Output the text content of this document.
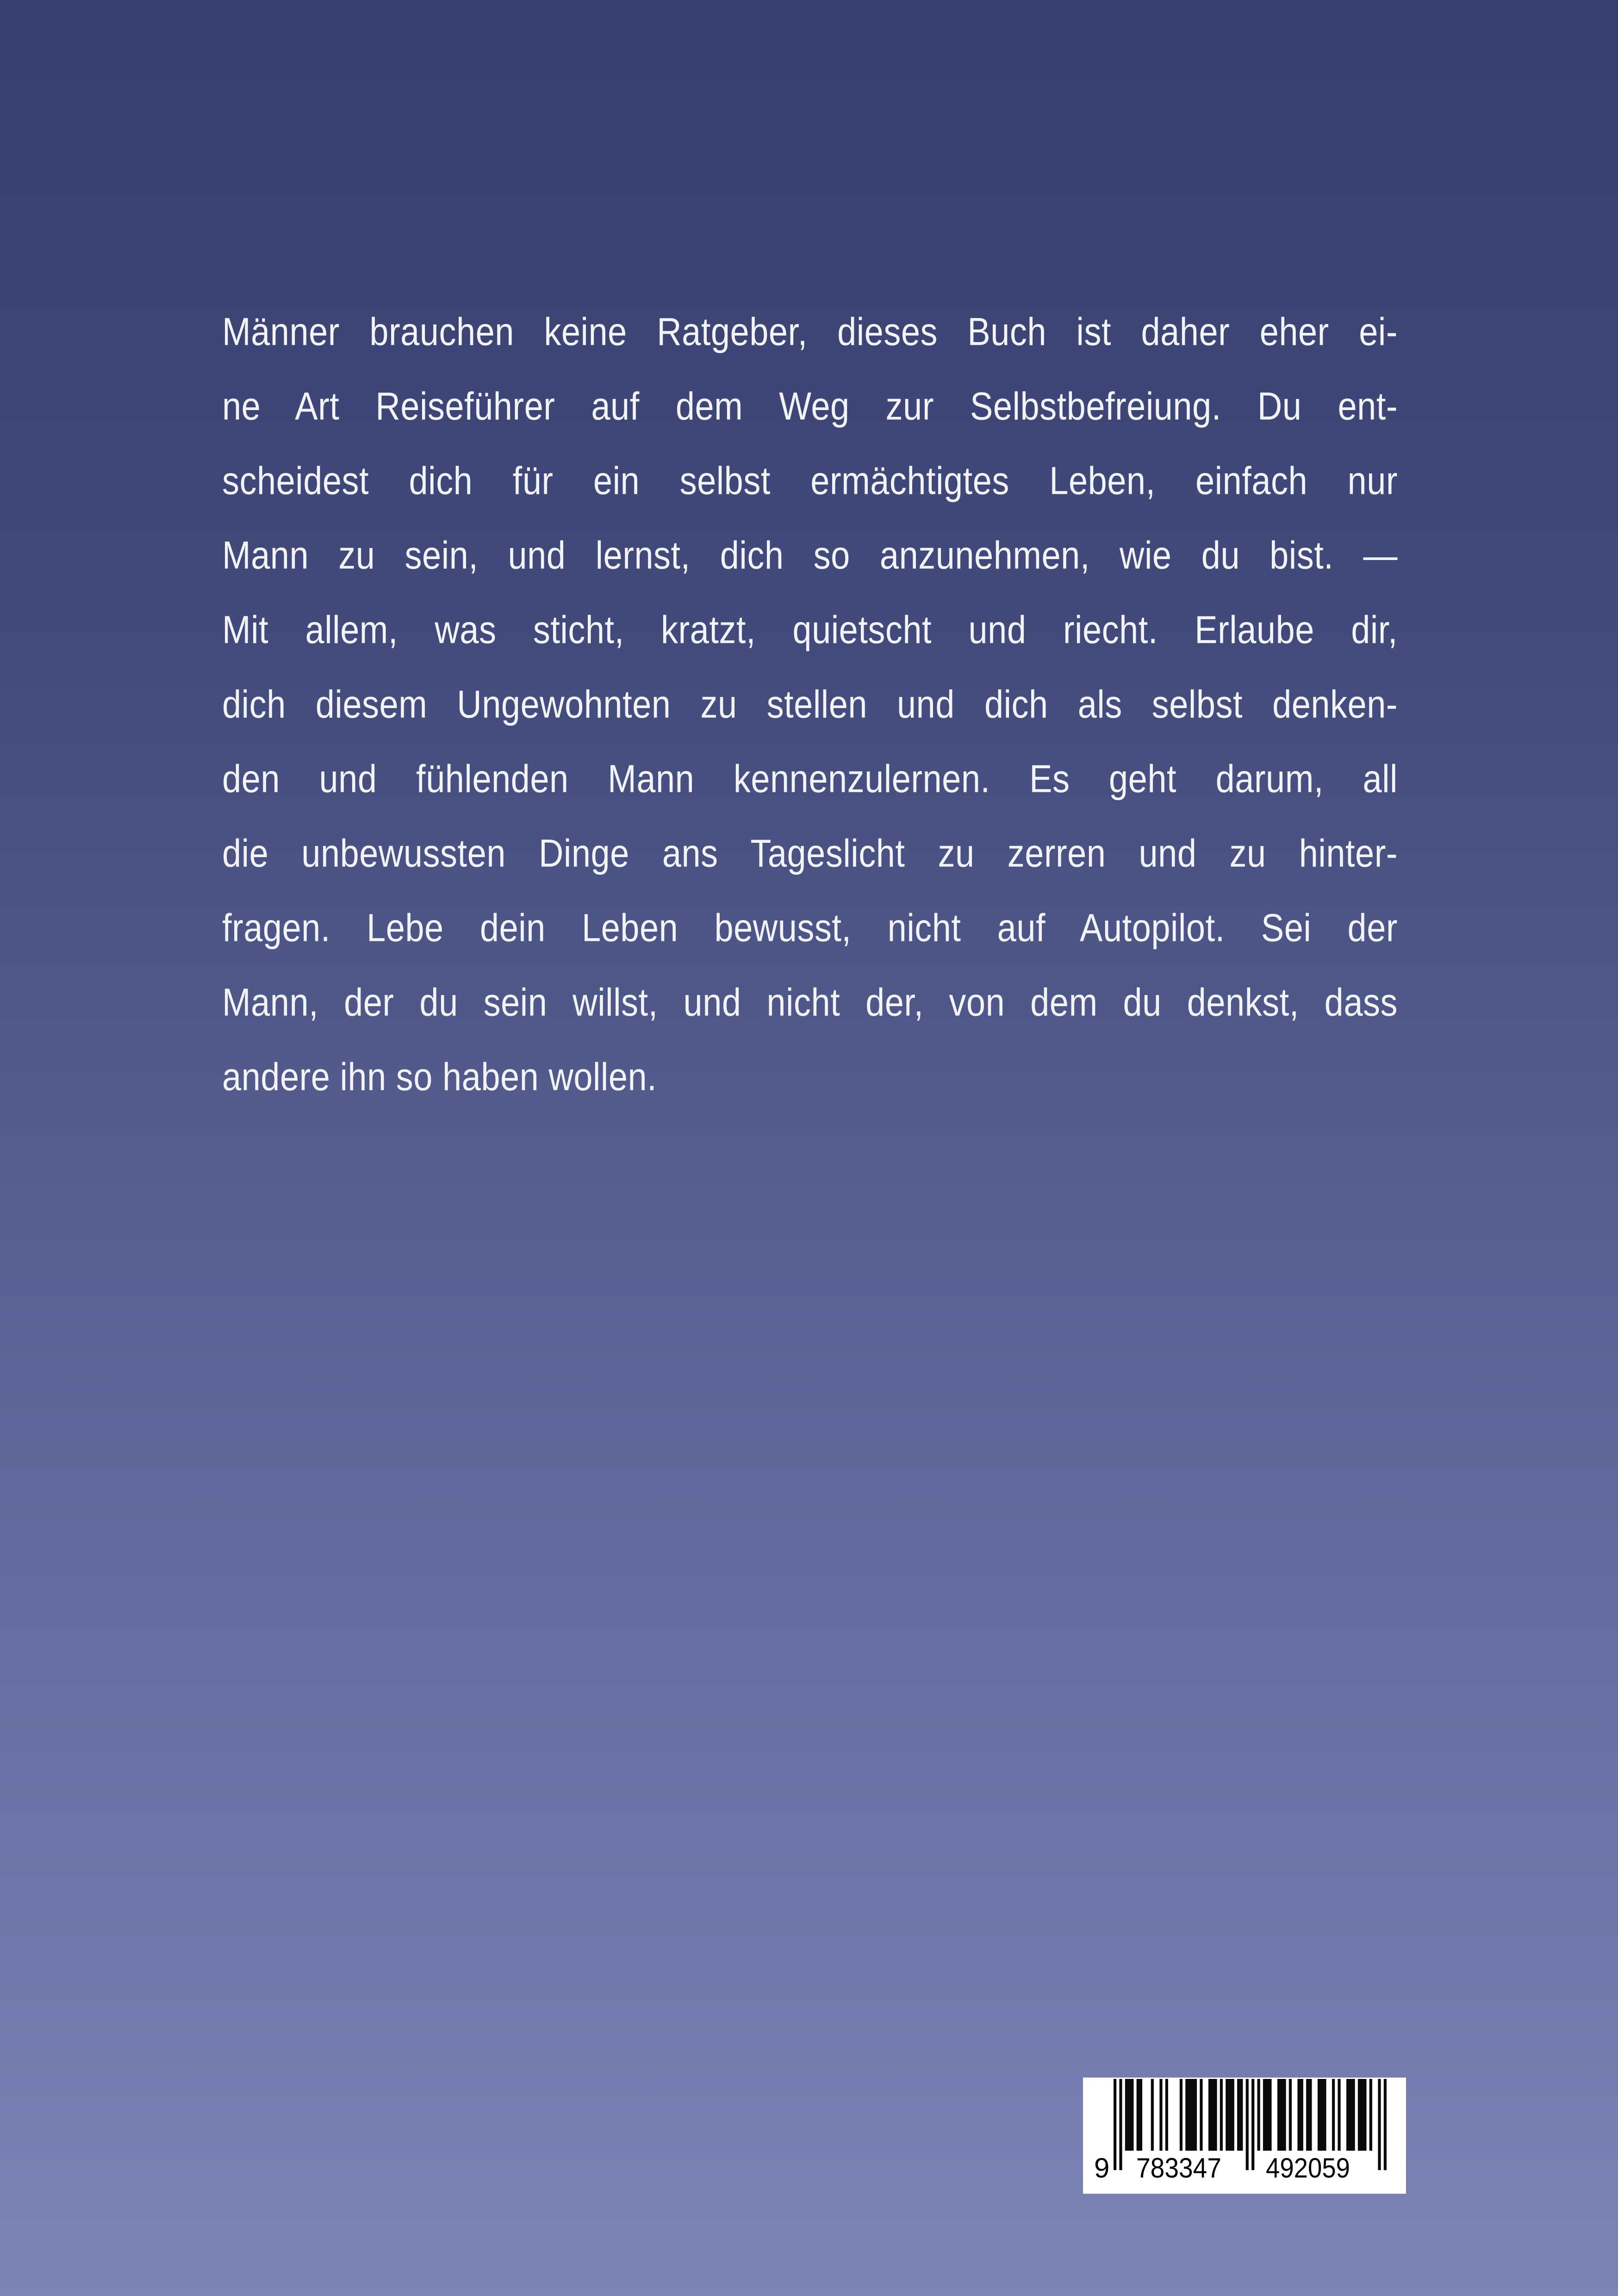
Männer brauchen keine Ratgeber, dieses Buch ist daher eher ei-
ne Art Reiseführer auf dem Weg zur Selbstbefreiung. Du ent-
scheidest dich für ein selbst ermächtigtes Leben, einfach nur
Mann zu sein, und lernst, dich so anzunehmen, wie du bist. —
Mit allem, was sticht, kratzt, quietscht und riecht. Erlaube dir,
dich diesem Ungewohnten zu stellen und dich als selbst denken-
den und fühlenden Mann kennenzulernen. Es geht darum, all
die unbewussten Dinge ans Tageslicht zu zerren und zu hinter-
fragen. Lebe dein Leben bewusst, nicht auf Autopilot. Sei der
Mann, der du sein willst, und nicht der, von dem du denkst, dass
andere ihn so haben wollen.
9 783347 492059
